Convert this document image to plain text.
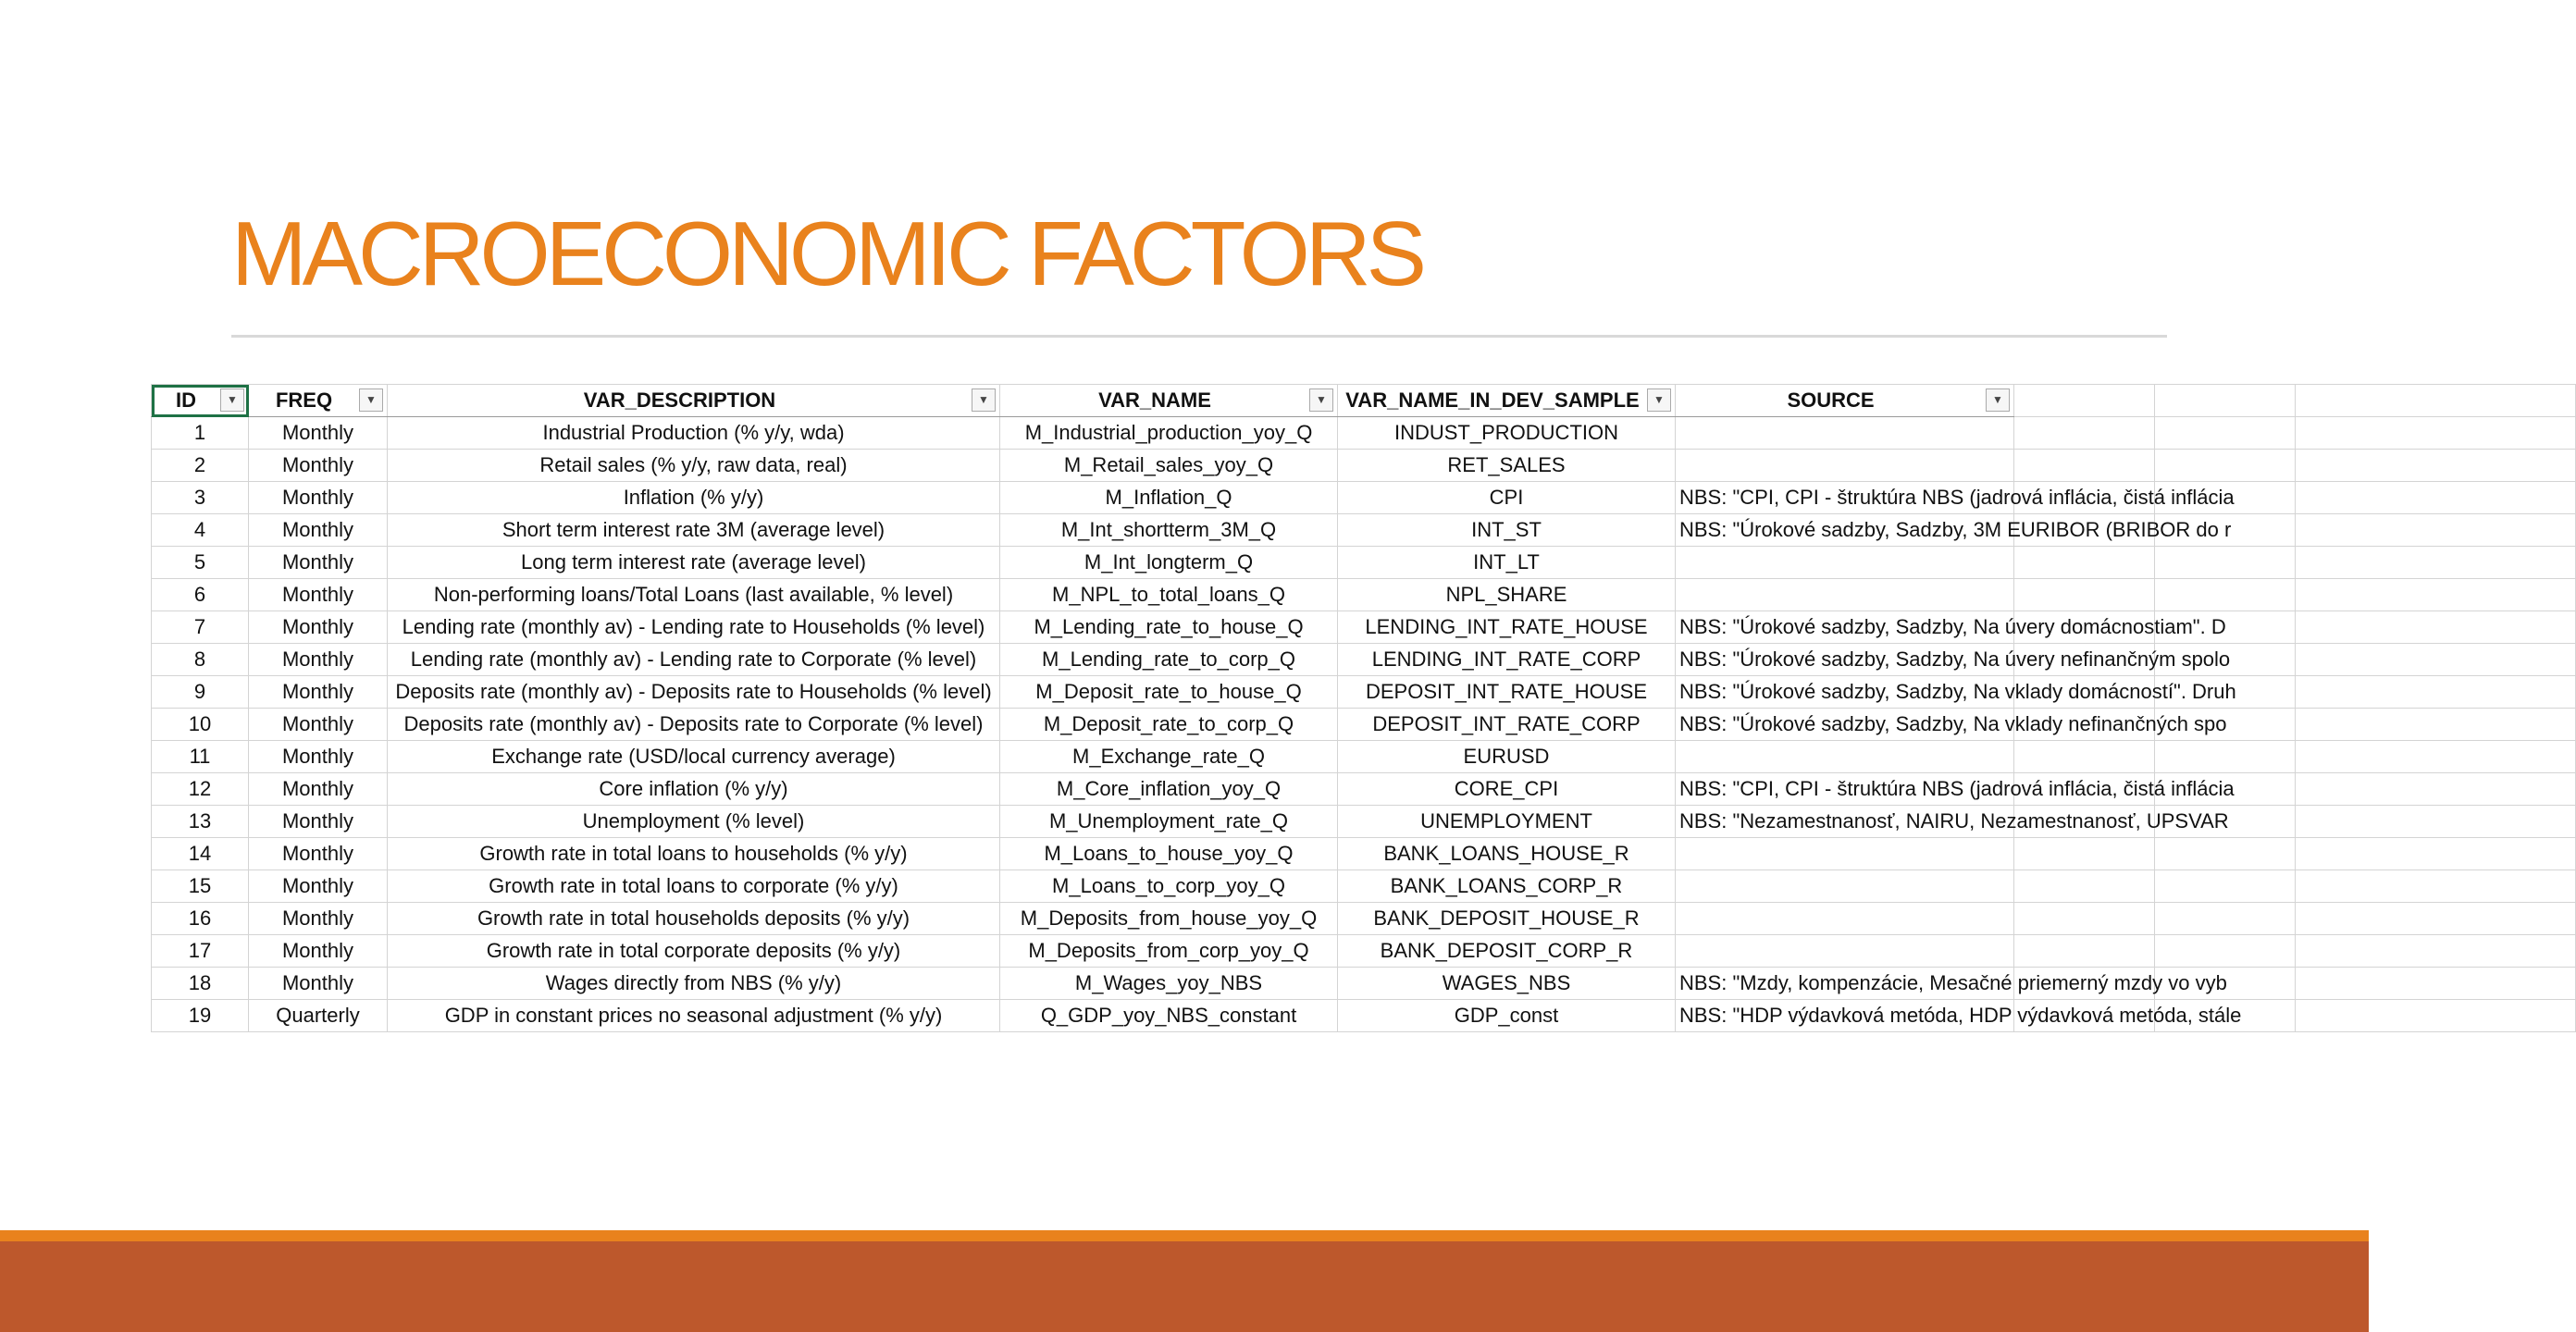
MACROECONOMIC FACTORS
ID ▼	FREQ ▼	VAR_DESCRIPTION ▼	VAR_NAME ▼	VAR_NAME_IN_DEV_SAMPLE ▼	SOURCE ▼			

1	Monthly	Industrial Production (% y/y, wda)	M_Industrial_production_yoy_Q	INDUST_PRODUCTION				
2	Monthly	Retail sales (% y/y, raw data, real)	M_Retail_sales_yoy_Q	RET_SALES				
3	Monthly	Inflation (% y/y)	M_Inflation_Q	CPI	NBS: "CPI, CPI - štruktúra NBS (jadrová inflácia, čistá inflácia			
4	Monthly	Short term interest rate 3M (average level)	M_Int_shortterm_3M_Q	INT_ST	NBS: "Úrokové sadzby, Sadzby, 3M EURIBOR (BRIBOR do r			
5	Monthly	Long term interest rate (average level)	M_Int_longterm_Q	INT_LT				
6	Monthly	Non-performing loans/Total Loans (last available, % level)	M_NPL_to_total_loans_Q	NPL_SHARE				
7	Monthly	Lending rate (monthly av) - Lending rate to Households (% level)	M_Lending_rate_to_house_Q	LENDING_INT_RATE_HOUSE	NBS: "Úrokové sadzby, Sadzby, Na úvery domácnostiam". D			
8	Monthly	Lending rate (monthly av) - Lending rate to Corporate (% level)	M_Lending_rate_to_corp_Q	LENDING_INT_RATE_CORP	NBS: "Úrokové sadzby, Sadzby, Na úvery nefinančným spolo			
9	Monthly	Deposits rate (monthly av) - Deposits rate to Households (% level)	M_Deposit_rate_to_house_Q	DEPOSIT_INT_RATE_HOUSE	NBS: "Úrokové sadzby, Sadzby, Na vklady domácností". Druh			
10	Monthly	Deposits rate (monthly av) - Deposits rate to Corporate (% level)	M_Deposit_rate_to_corp_Q	DEPOSIT_INT_RATE_CORP	NBS: "Úrokové sadzby, Sadzby, Na vklady nefinančných spo			
11	Monthly	Exchange rate (USD/local currency average)	M_Exchange_rate_Q	EURUSD				
12	Monthly	Core inflation (% y/y)	M_Core_inflation_yoy_Q	CORE_CPI	NBS: "CPI, CPI - štruktúra NBS (jadrová inflácia, čistá inflácia			
13	Monthly	Unemployment (% level)	M_Unemployment_rate_Q	UNEMPLOYMENT	NBS: "Nezamestnanosť, NAIRU, Nezamestnanosť, UPSVAR			
14	Monthly	Growth rate in total loans to households (% y/y)	M_Loans_to_house_yoy_Q	BANK_LOANS_HOUSE_R				
15	Monthly	Growth rate in total loans to corporate (% y/y)	M_Loans_to_corp_yoy_Q	BANK_LOANS_CORP_R				
16	Monthly	Growth rate in total households deposits (% y/y)	M_Deposits_from_house_yoy_Q	BANK_DEPOSIT_HOUSE_R				
17	Monthly	Growth rate in total corporate deposits (% y/y)	M_Deposits_from_corp_yoy_Q	BANK_DEPOSIT_CORP_R				
18	Monthly	Wages directly from NBS (% y/y)	M_Wages_yoy_NBS	WAGES_NBS	NBS: "Mzdy, kompenzácie, Mesačné priemerný mzdy vo vyb			
19	Quarterly	GDP in constant prices no seasonal adjustment (% y/y)	Q_GDP_yoy_NBS_constant	GDP_const	NBS: "HDP výdavková metóda, HDP výdavková metóda, stále			
